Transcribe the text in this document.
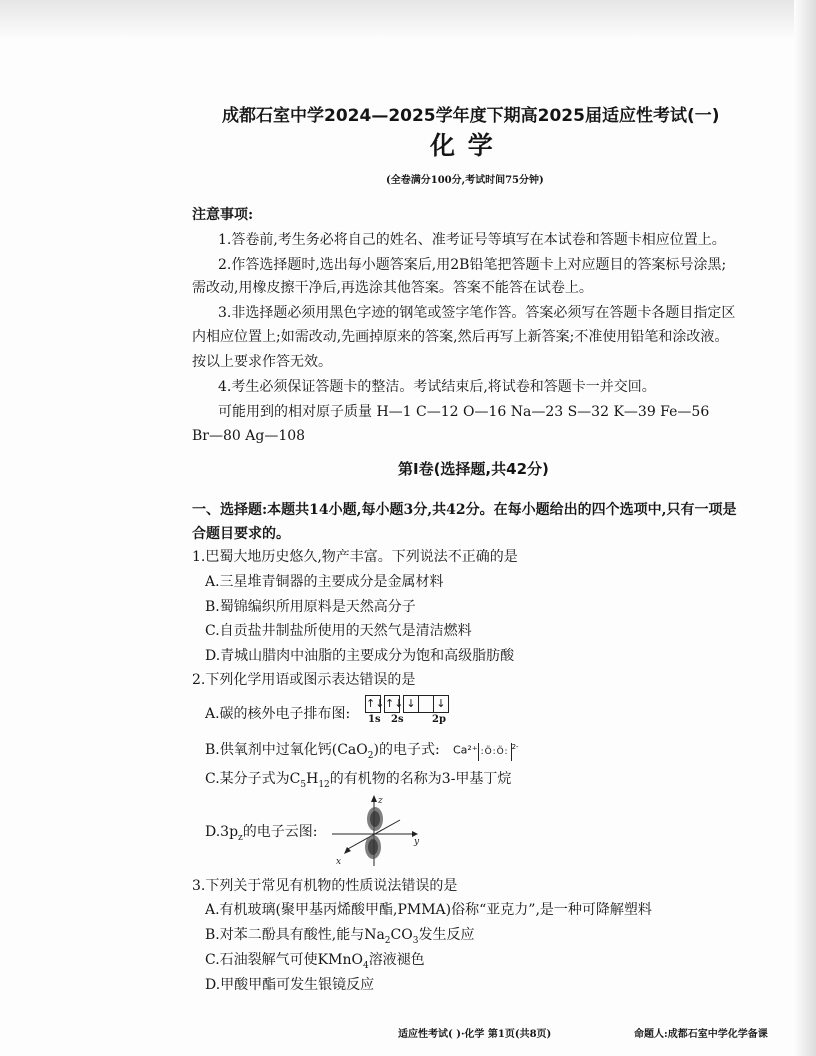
成都石室中学2024—2025学年度下期高2025届适应性考试(一)
化 学
(全卷满分100分,考试时间75分钟)
注意事项:
1.答卷前,考生务必将自己的姓名、准考证号等填写在本试卷和答题卡相应位置上。
2.作答选择题时,选出每小题答案后,用2B铅笔把答题卡上对应题目的答案标号涂黑;
需改动,用橡皮擦干净后,再选涂其他答案。答案不能答在试卷上。
3.非选择题必须用黑色字迹的钢笔或签字笔作答。答案必须写在答题卡各题目指定区
内相应位置上;如需改动,先画掉原来的答案,然后再写上新答案;不准使用铅笔和涂改液。
按以上要求作答无效。
4.考生必须保证答题卡的整洁。考试结束后,将试卷和答题卡一并交回。
可能用到的相对原子质量 H—1 C—12 O—16 Na—23 S—32 K—39 Fe—56
Br—80 Ag—108
第Ⅰ卷(选择题,共42分)
一、选择题:本题共14小题,每小题3分,共42分。在每小题给出的四个选项中,只有一项是
合题目要求的。
1.巴蜀大地历史悠久,物产丰富。下列说法不正确的是
A.三星堆青铜器的主要成分是金属材料
B.蜀锦编织所用原料是天然高分子
C.自贡盐井制盐所使用的天然气是清洁燃料
D.青城山腊肉中油脂的主要成分为饱和高级脂肪酸
2.下列化学用语或图示表达错误的是
A.碳的核外电子排布图:
↑↓ ↑↓ ↓	↓
1s 2s	2p
B.供氧剂中过氧化钙(CaO$_2$)的电子式: Ca²⁺ :Ö:Ö: $^{2-}$
C.某分子式为$C_5H_{12}$的有机物的名称为3-甲基丁烷
$D.3p_z$的电子云图:
z
y
x
3.下列关于常见有机物的性质说法错误的是
A.有机玻璃(聚甲基丙烯酸甲酯,PMMA)俗称“亚克力”,是一种可降解塑料
B.对苯二酚具有酸性,能与$Na_2CO_3$发生反应
C.石油裂解气可使KMnO$_4$溶液褪色
D.甲酸甲酯可发生银镜反应
适应性考试( )·化学 第1页(共8页)	命题人:成都石室中学化学备课
